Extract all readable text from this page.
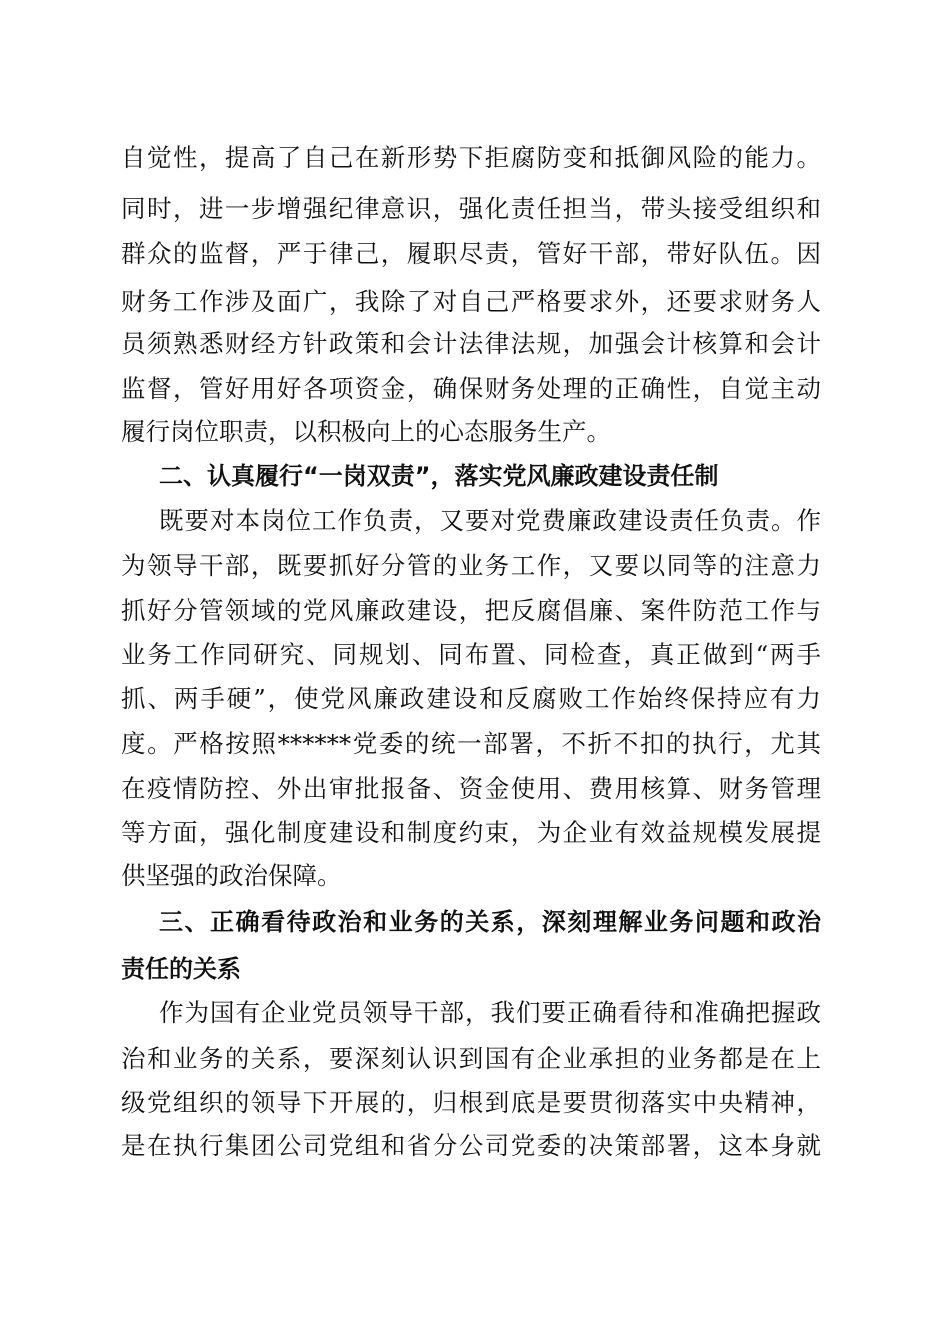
自觉性，提高了自己在新形势下拒腐防变和抵御风险的能力。
同时，进一步增强纪律意识，强化责任担当，带头接受组织和
群众的监督，严于律己，履职尽责，管好干部，带好队伍。因
财务工作涉及面广，我除了对自己严格要求外，还要求财务人
员须熟悉财经方针政策和会计法律法规，加强会计核算和会计
监督，管好用好各项资金，确保财务处理的正确性，自觉主动
履行岗位职责，以积极向上的心态服务生产。
二、认真履行“一岗双责”，落实党风廉政建设责任制
既要对本岗位工作负责，又要对党费廉政建设责任负责。作
为领导干部，既要抓好分管的业务工作，又要以同等的注意力
抓好分管领域的党风廉政建设，把反腐倡廉、案件防范工作与
业务工作同研究、同规划、同布置、同检查，真正做到“两手
抓、两手硬”，使党风廉政建设和反腐败工作始终保持应有力
度。严格按照******党委的统一部署，不折不扣的执行，尤其
在疫情防控、外出审批报备、资金使用、费用核算、财务管理
等方面，强化制度建设和制度约束，为企业有效益规模发展提
供坚强的政治保障。
三、正确看待政治和业务的关系，深刻理解业务问题和政治
责任的关系
作为国有企业党员领导干部，我们要正确看待和准确把握政
治和业务的关系，要深刻认识到国有企业承担的业务都是在上
级党组织的领导下开展的，归根到底是要贯彻落实中央精神，
是在执行集团公司党组和省分公司党委的决策部署，这本身就
